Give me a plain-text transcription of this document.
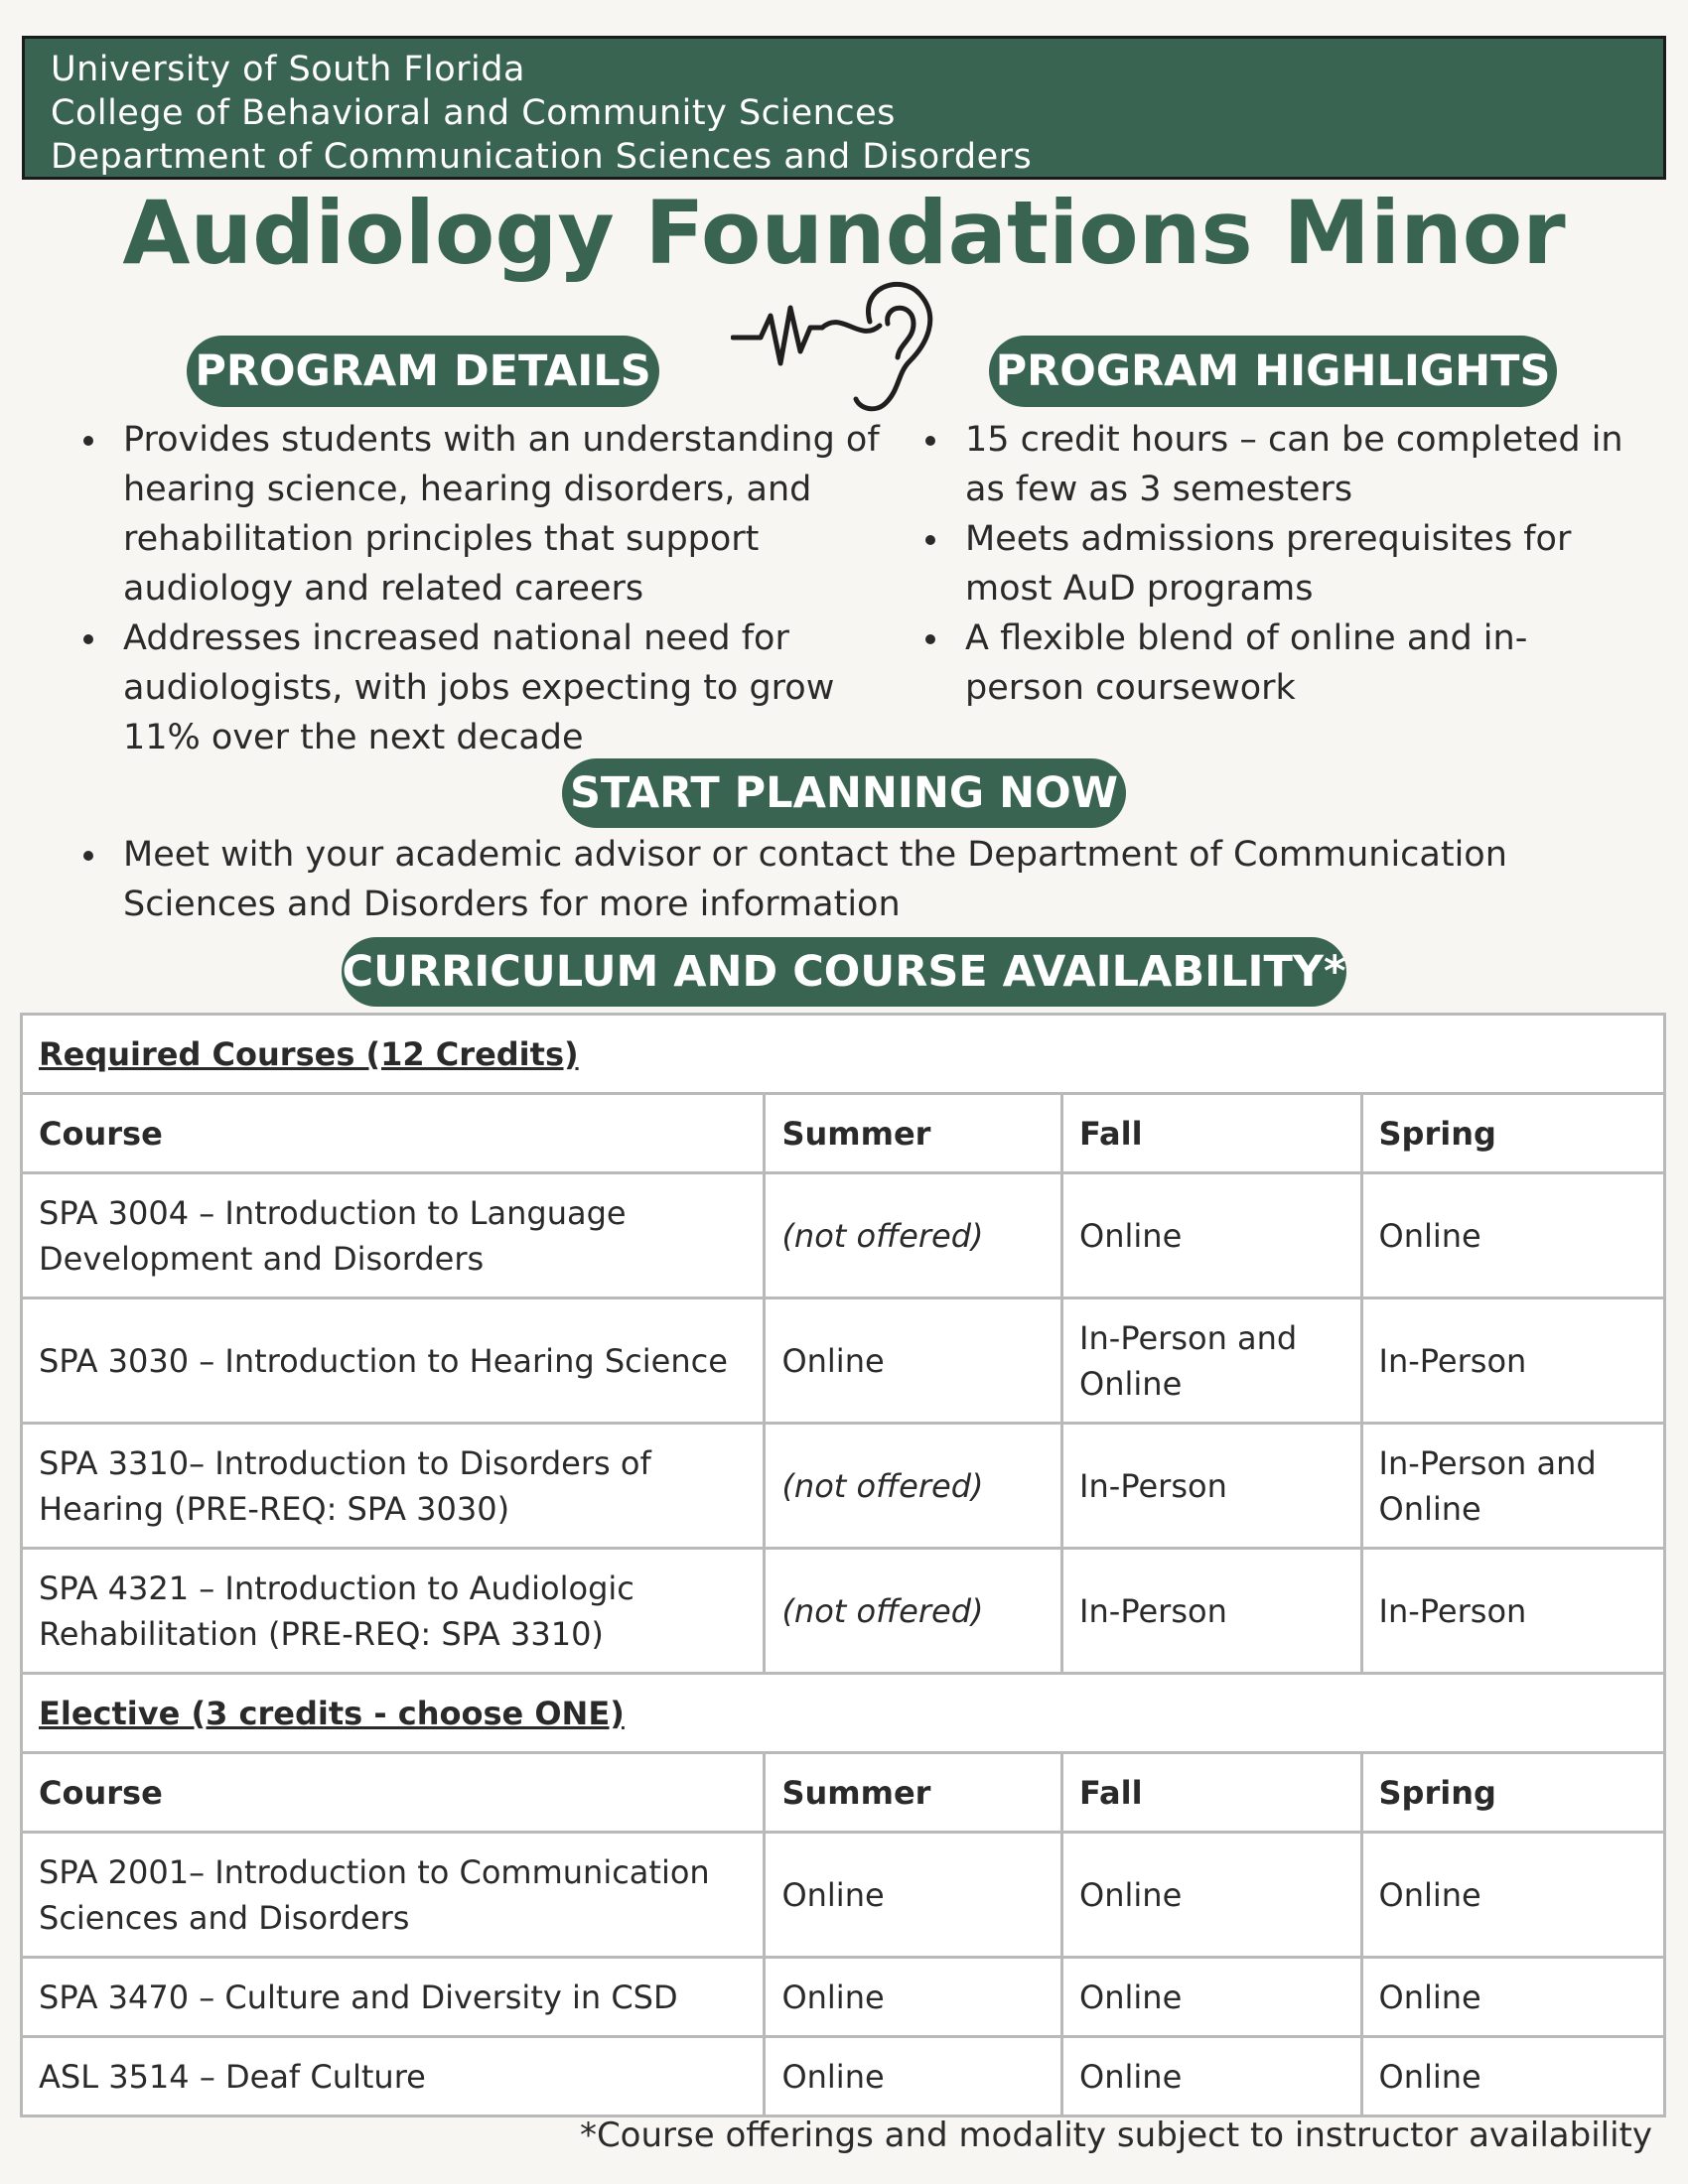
University of South Florida
College of Behavioral and Community Sciences
Department of Communication Sciences and Disorders
Audiology Foundations Minor
PROGRAM DETAILS	PROGRAM HIGHLIGHTS
Provides students with an understanding of hearing science, hearing disorders, and rehabilitation principles that support audiology and related careers
Addresses increased national need for audiologists, with jobs expecting to grow 11% over the next decade
15 credit hours – can be completed in as few as 3 semesters
Meets admissions prerequisites for most AuD programs
A flexible blend of online and in-person coursework
START PLANNING NOW
Meet with your academic advisor or contact the Department of Communication Sciences and Disorders for more information
CURRICULUM AND COURSE AVAILABILITY*
Required Courses (12 Credits)			
Course	Summer	Fall	Spring
SPA 3004 – Introduction to Language Development and Disorders	(not offered)	Online	Online
SPA 3030 – Introduction to Hearing Science	Online	In-Person and Online	In-Person
SPA 3310– Introduction to Disorders of Hearing (PRE-REQ: SPA 3030)	(not offered)	In-Person	In-Person and Online
SPA 4321 – Introduction to Audiologic Rehabilitation (PRE-REQ: SPA 3310)	(not offered)	In-Person	In-Person
Elective (3 credits - choose ONE)			
Course	Summer	Fall	Spring
SPA 2001– Introduction to Communication Sciences and Disorders	Online	Online	Online
SPA 3470 – Culture and Diversity in CSD	Online	Online	Online
ASL 3514 – Deaf Culture	Online	Online	Online
*Course offerings and modality subject to instructor availability
